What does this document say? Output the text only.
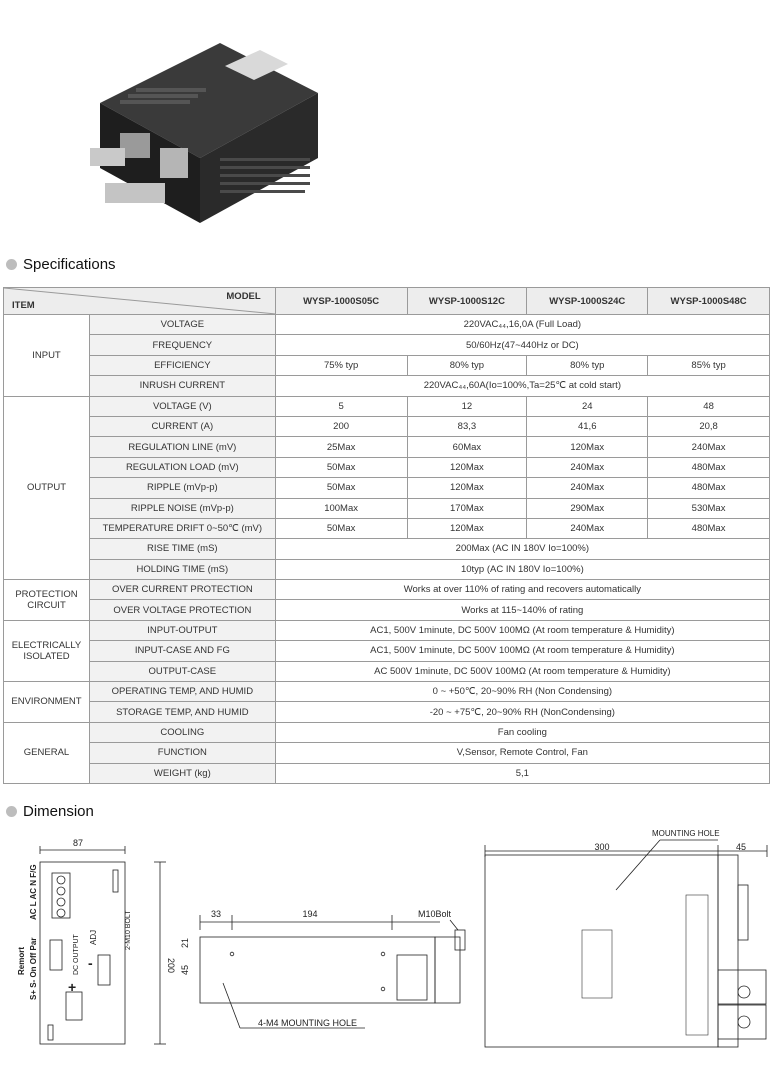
Specifications
ITEM
MODEL		WYSP-1000S05C	WYSP-1000S12C	WYSP-1000S24C	WYSP-1000S48C
INPUT	VOLTAGE	220VAC₄₄,16,0A (Full Load)			
	FREQUENCY	50/60Hz(47~440Hz or DC)			
	EFFICIENCY	75% typ	80% typ	80% typ	85% typ
	INRUSH CURRENT	220VAC₄₄,60A(Io=100%,Ta=25℃ at cold start)			
OUTPUT	VOLTAGE (V)	5	12	24	48
	CURRENT (A)	200	83,3	41,6	20,8
	REGULATION LINE (mV)	25Max	60Max	120Max	240Max
	REGULATION LOAD (mV)	50Max	120Max	240Max	480Max
	RIPPLE (mVp-p)	50Max	120Max	240Max	480Max
	RIPPLE NOISE (mVp-p)	100Max	170Max	290Max	530Max
	TEMPERATURE DRIFT 0~50℃ (mV)	50Max	120Max	240Max	480Max
	RISE TIME (mS)	200Max (AC IN 180V Io=100%)			
	HOLDING TIME (mS)	10typ (AC IN 180V Io=100%)			
PROTECTION CIRCUIT	OVER CURRENT PROTECTION	Works at over 110% of rating and recovers automatically			
	OVER VOLTAGE PROTECTION	Works at 115~140% of rating			
ELECTRICALLY ISOLATED	INPUT-OUTPUT	AC1, 500V 1minute, DC 500V 100MΩ (At room temperature & Humidity)			
	INPUT-CASE AND FG	AC1, 500V 1minute, DC 500V 100MΩ (At room temperature & Humidity)			
	OUTPUT-CASE	AC 500V 1minute, DC 500V 100MΩ (At room temperature & Humidity)			
ENVIRONMENT	OPERATING TEMP, AND HUMID	0 ~ +50℃, 20~90% RH (Non Condensing)			
	STORAGE TEMP, AND HUMID	-20 ~ +75℃, 20~90% RH (NonCondensing)			
GENERAL	COOLING	Fan cooling			
	FUNCTION	V,Sensor, Remote Control, Fan			
	WEIGHT (kg)	5,1			
Dimension
87
200
AC L AC N F/G
Remort S+ S- On Off Par
ADJ
DC OUTPUT
2-M10 BOLT
+
-
33	194
21
45
M10Bolt
4-M4 MOUNTING HOLE
300	45
MOUNTING HOLE
